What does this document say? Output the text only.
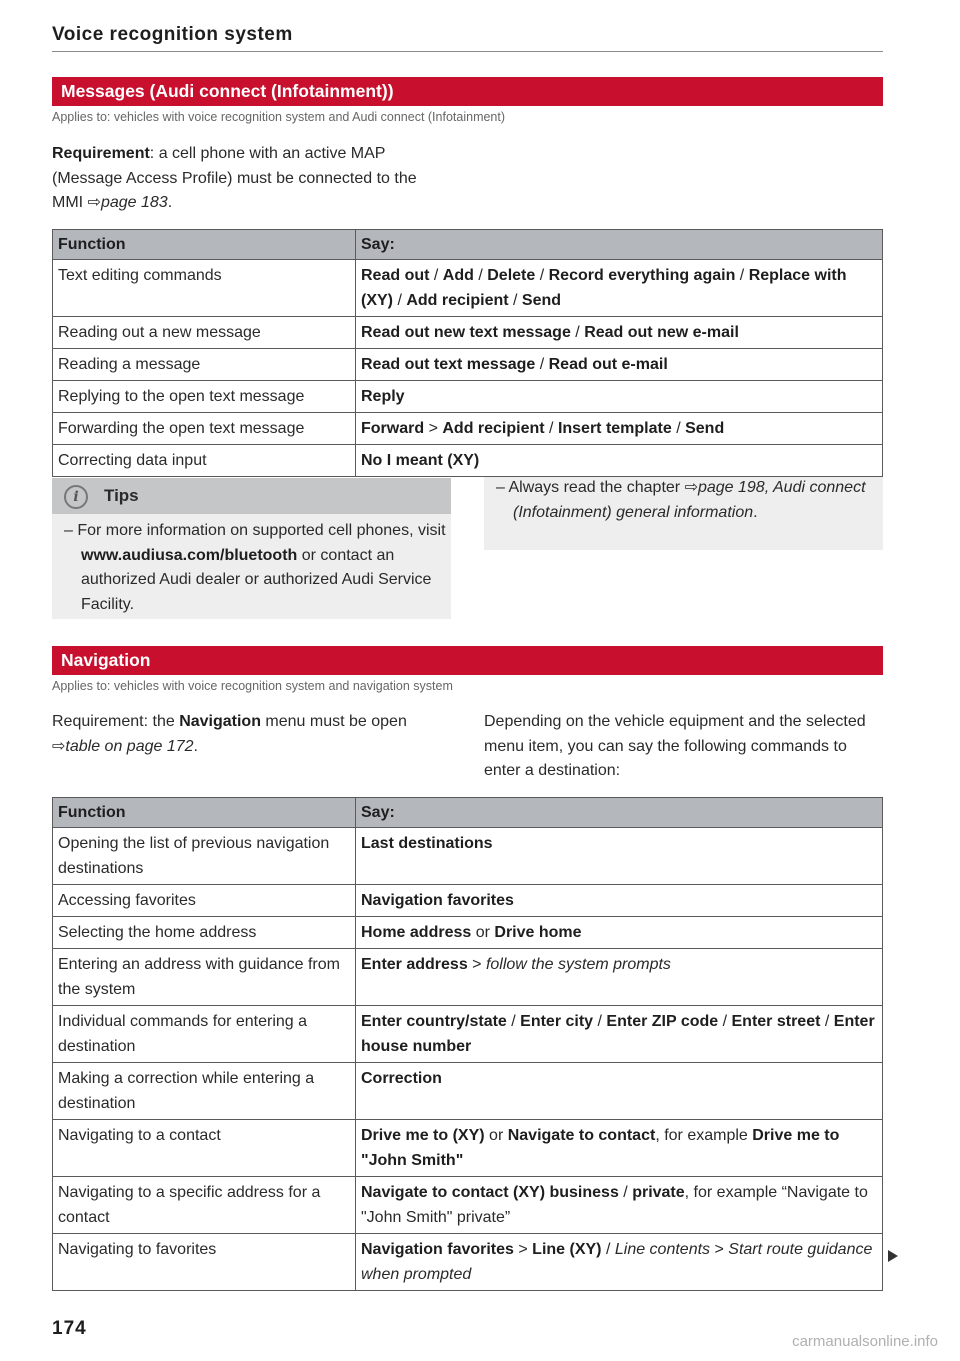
Voice recognition system
Messages (Audi connect (Infotainment))
Applies to: vehicles with voice recognition system and Audi connect (Infotainment)
Requirement: a cell phone with an active MAP (Message Access Profile) must be connected to the MMI ⇨page 183.
Function	Say:
Text editing commands	Read out / Add / Delete / Record everything again / Replace with (XY) / Add recipient / Send
Reading out a new message	Read out new text message / Read out new e-mail
Reading a message	Read out text message / Read out e-mail
Replying to the open text message	Reply
Forwarding the open text message	Forward > Add recipient / Insert template / Send
Correcting data input	No I meant (XY)
i	Tips
– For more information on supported cell phones, visit www.audiusa.com/bluetooth or contact an authorized Audi dealer or authorized Audi Service Facility.
– Always read the chapter ⇨page 198, Audi connect (Infotainment) general information.
Navigation
Applies to: vehicles with voice recognition system and navigation system
Requirement: the Navigation menu must be open ⇨table on page 172.
Depending on the vehicle equipment and the selected menu item, you can say the following commands to enter a destination:
Function	Say:
Opening the list of previous navigation destinations	Last destinations
Accessing favorites	Navigation favorites
Selecting the home address	Home address or Drive home
Entering an address with guidance from the system	Enter address > follow the system prompts
Individual commands for entering a destination	Enter country/state / Enter city / Enter ZIP code / Enter street / Enter house number
Making a correction while entering a destination	Correction
Navigating to a contact	Drive me to (XY) or Navigate to contact, for example Drive me to "John Smith"
Navigating to a specific address for a contact	Navigate to contact (XY) business / private, for example “Navigate to "John Smith" private”
Navigating to favorites	Navigation favorites > Line (XY) / Line contents > Start route guidance when prompted
174
carmanualsonline.info
